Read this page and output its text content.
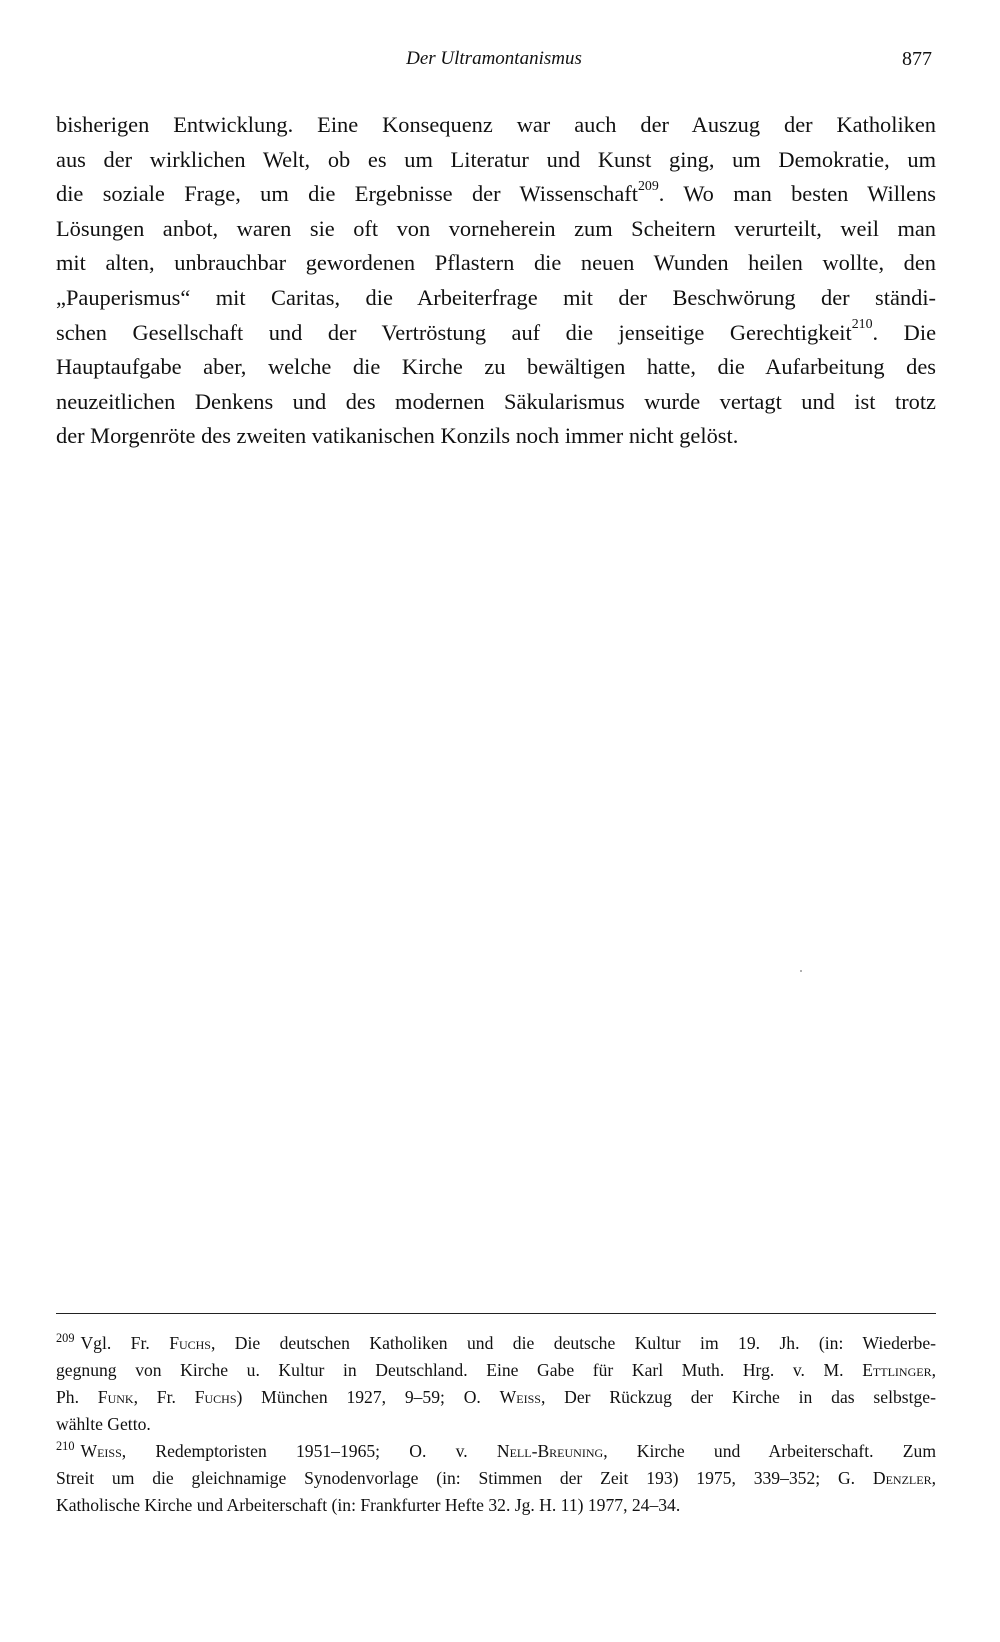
Der Ultramontanismus	877

bisherigen Entwicklung. Eine Konsequenz war auch der Auszug der Katholiken
aus der wirklichen Welt, ob es um Literatur und Kunst ging, um Demokratie, um
die soziale Frage, um die Ergebnisse der Wissenschaft$^{209}$. Wo man besten Willens
Lösungen anbot, waren sie oft von vorneherein zum Scheitern verurteilt, weil man
mit alten, unbrauchbar gewordenen Pflastern die neuen Wunden heilen wollte, den
„Pauperismus“ mit Caritas, die Arbeiterfrage mit der Beschwörung der ständi-
schen Gesellschaft und der Vertröstung auf die jenseitige Gerechtigkeit$^{210}$. Die
Hauptaufgabe aber, welche die Kirche zu bewältigen hatte, die Aufarbeitung des
neuzeitlichen Denkens und des modernen Säkularismus wurde vertagt und ist trotz
der Morgenröte des zweiten vatikanischen Konzils noch immer nicht gelöst.

$^{209}$ Vgl. Fr. Fuchs, Die deutschen Katholiken und die deutsche Kultur im 19. Jh. (in: Wiederbe-
gegnung von Kirche u. Kultur in Deutschland. Eine Gabe für Karl Muth. Hrg. v. M. Ettlinger,
Ph. Funk, Fr. Fuchs) München 1927, 9–59; O. Weiss, Der Rückzug der Kirche in das selbstge-
wählte Getto.

$^{210}$ Weiss, Redemptoristen 1951–1965; O. v. Nell-Breuning, Kirche und Arbeiterschaft. Zum
Streit um die gleichnamige Synodenvorlage (in: Stimmen der Zeit 193) 1975, 339–352; G. Denzler,
Katholische Kirche und Arbeiterschaft (in: Frankfurter Hefte 32. Jg. H. 11) 1977, 24–34.
